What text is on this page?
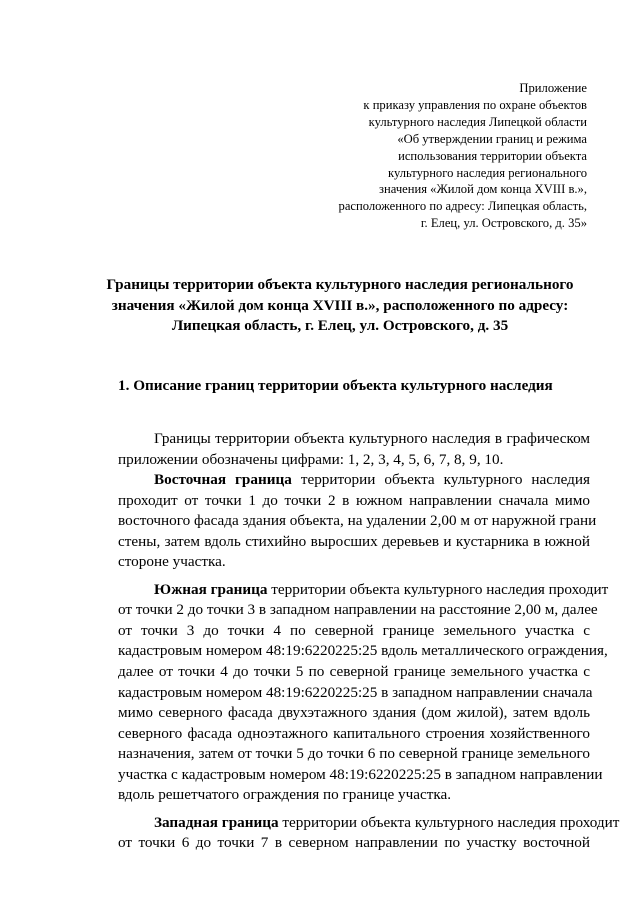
Приложение
к приказу управления по охране объектов
культурного наследия Липецкой области
«Об утверждении границ и режима
использования территории объекта
культурного наследия регионального
значения «Жилой дом конца XVIII в.»,
расположенного по адресу: Липецкая область,
г. Елец, ул. Островского, д. 35»
Границы территории объекта культурного наследия регионального
значения «Жилой дом конца XVIII в.», расположенного по адресу:
Липецкая область, г. Елец, ул. Островского, д. 35
1. Описание границ территории объекта культурного наследия
Границы территории объекта культурного наследия в графическом
приложении обозначены цифрами: 1, 2, 3, 4, 5, 6, 7, 8, 9, 10.
Восточная граница территории объекта культурного наследия
проходит от точки 1 до точки 2 в южном направлении сначала мимо
восточного фасада здания объекта, на удалении 2,00 м от наружной грани
стены, затем вдоль стихийно выросших деревьев и кустарника в южной
стороне участка.
Южная граница территории объекта культурного наследия проходит
от точки 2 до точки 3 в западном направлении на расстояние 2,00 м, далее
от точки 3 до точки 4 по северной границе земельного участка с
кадастровым номером 48:19:6220225:25 вдоль металлического ограждения,
далее от точки 4 до точки 5 по северной границе земельного участка с
кадастровым номером 48:19:6220225:25 в западном направлении сначала
мимо северного фасада двухэтажного здания (дом жилой), затем вдоль
северного фасада одноэтажного капитального строения хозяйственного
назначения, затем от точки 5 до точки 6 по северной границе земельного
участка с кадастровым номером 48:19:6220225:25 в западном направлении
вдоль решетчатого ограждения по границе участка.
Западная граница территории объекта культурного наследия проходит
от точки 6 до точки 7 в северном направлении по участку восточной
